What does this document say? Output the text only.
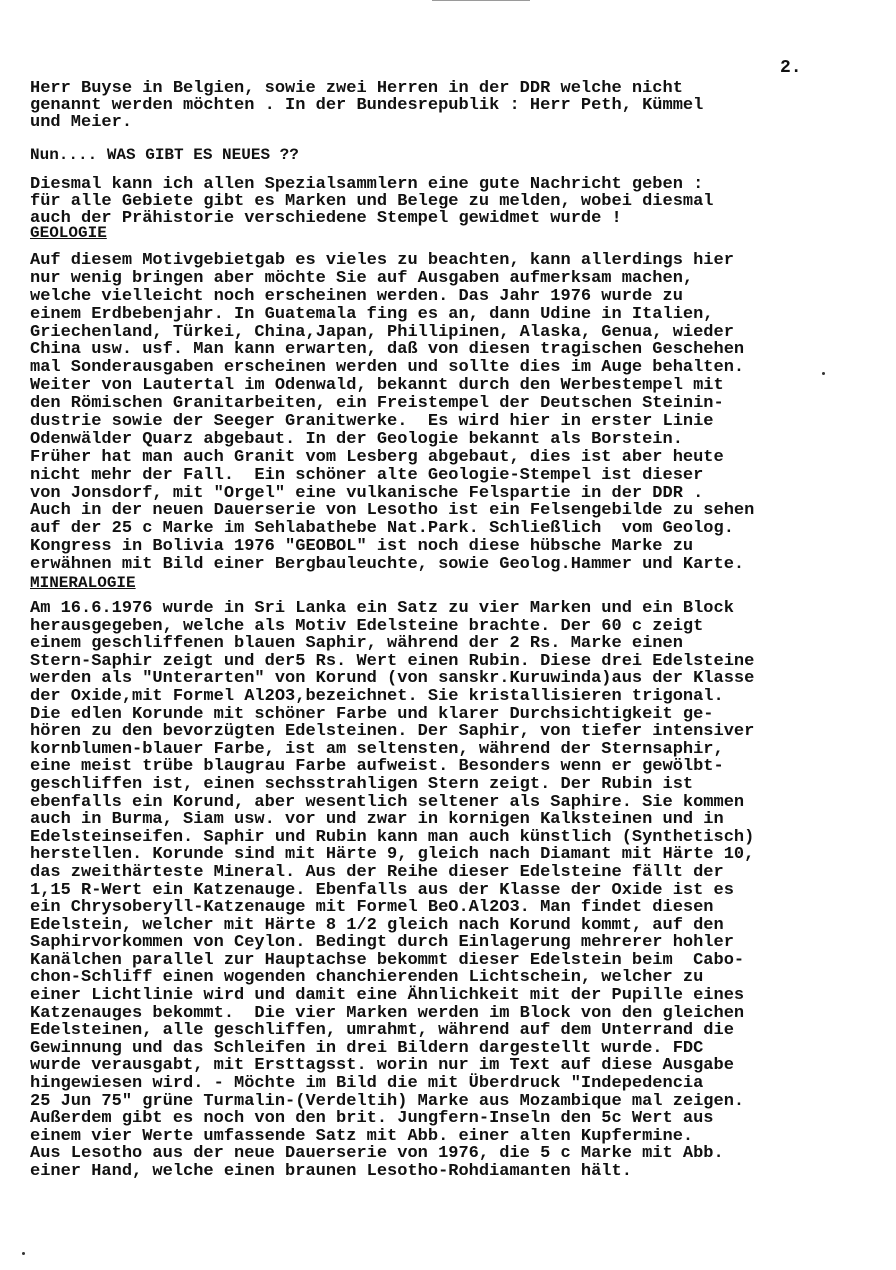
2.
Herr Buyse in Belgien, sowie zwei Herren in der DDR welche nicht
genannt werden möchten . In der Bundesrepublik : Herr Peth, Kümmel
und Meier.
Nun.... WAS GIBT ES NEUES ??
Diesmal kann ich allen Spezialsammlern eine gute Nachricht geben :
für alle Gebiete gibt es Marken und Belege zu melden, wobei diesmal
auch der Prähistorie verschiedene Stempel gewidmet wurde !
GEOLOGIE
Auf diesem Motivgebietgab es vieles zu beachten, kann allerdings hier
nur wenig bringen aber möchte Sie auf Ausgaben aufmerksam machen,
welche vielleicht noch erscheinen werden. Das Jahr 1976 wurde zu
einem Erdbebenjahr. In Guatemala fing es an, dann Udine in Italien,
Griechenland, Türkei, China,Japan, Phillipinen, Alaska, Genua, wieder
China usw. usf. Man kann erwarten, daß von diesen tragischen Geschehen
mal Sonderausgaben erscheinen werden und sollte dies im Auge behalten.
Weiter von Lautertal im Odenwald, bekannt durch den Werbestempel mit
den Römischen Granitarbeiten, ein Freistempel der Deutschen Steinin-
dustrie sowie der Seeger Granitwerke.  Es wird hier in erster Linie
Odenwälder Quarz abgebaut. In der Geologie bekannt als Borstein.
Früher hat man auch Granit vom Lesberg abgebaut, dies ist aber heute
nicht mehr der Fall.  Ein schöner alte Geologie-Stempel ist dieser
von Jonsdorf, mit "Orgel" eine vulkanische Felspartie in der DDR .
Auch in der neuen Dauerserie von Lesotho ist ein Felsengebilde zu sehen
auf der 25 c Marke im Sehlabathebe Nat.Park. Schließlich  vom Geolog.
Kongress in Bolivia 1976 "GEOBOL" ist noch diese hübsche Marke zu
erwähnen mit Bild einer Bergbauleuchte, sowie Geolog.Hammer und Karte.
MINERALOGIE
Am 16.6.1976 wurde in Sri Lanka ein Satz zu vier Marken und ein Block
herausgegeben, welche als Motiv Edelsteine brachte. Der 60 c zeigt
einem geschliffenen blauen Saphir, während der 2 Rs. Marke einen
Stern-Saphir zeigt und der5 Rs. Wert einen Rubin. Diese drei Edelsteine
werden als "Unterarten" von Korund (von sanskr.Kuruwinda)aus der Klasse
der Oxide,mit Formel Al2O3,bezeichnet. Sie kristallisieren trigonal.
Die edlen Korunde mit schöner Farbe und klarer Durchsichtigkeit ge-
hören zu den bevorzügten Edelsteinen. Der Saphir, von tiefer intensiver
kornblumen-blauer Farbe, ist am seltensten, während der Sternsaphir,
eine meist trübe blaugrau Farbe aufweist. Besonders wenn er gewölbt-
geschliffen ist, einen sechsstrahligen Stern zeigt. Der Rubin ist
ebenfalls ein Korund, aber wesentlich seltener als Saphire. Sie kommen
auch in Burma, Siam usw. vor und zwar in kornigen Kalksteinen und in
Edelsteinseifen. Saphir und Rubin kann man auch künstlich (Synthetisch)
herstellen. Korunde sind mit Härte 9, gleich nach Diamant mit Härte 10,
das zweithärteste Mineral. Aus der Reihe dieser Edelsteine fällt der
1,15 R-Wert ein Katzenauge. Ebenfalls aus der Klasse der Oxide ist es
ein Chrysoberyll-Katzenauge mit Formel BeO.Al2O3. Man findet diesen
Edelstein, welcher mit Härte 8 1/2 gleich nach Korund kommt, auf den
Saphirvorkommen von Ceylon. Bedingt durch Einlagerung mehrerer hohler
Kanälchen parallel zur Hauptachse bekommt dieser Edelstein beim  Cabo-
chon-Schliff einen wogenden chanchierenden Lichtschein, welcher zu
einer Lichtlinie wird und damit eine Ähnlichkeit mit der Pupille eines
Katzenauges bekommt.  Die vier Marken werden im Block von den gleichen
Edelsteinen, alle geschliffen, umrahmt, während auf dem Unterrand die
Gewinnung und das Schleifen in drei Bildern dargestellt wurde. FDC
wurde verausgabt, mit Ersttagsst. worin nur im Text auf diese Ausgabe
hingewiesen wird. - Möchte im Bild die mit Überdruck "Indepedencia
25 Jun 75" grüne Turmalin-(Verdeltih) Marke aus Mozambique mal zeigen.
Außerdem gibt es noch von den brit. Jungfern-Inseln den 5c Wert aus
einem vier Werte umfassende Satz mit Abb. einer alten Kupfermine.
Aus Lesotho aus der neue Dauerserie von 1976, die 5 c Marke mit Abb.
einer Hand, welche einen braunen Lesotho-Rohdiamanten hält.
